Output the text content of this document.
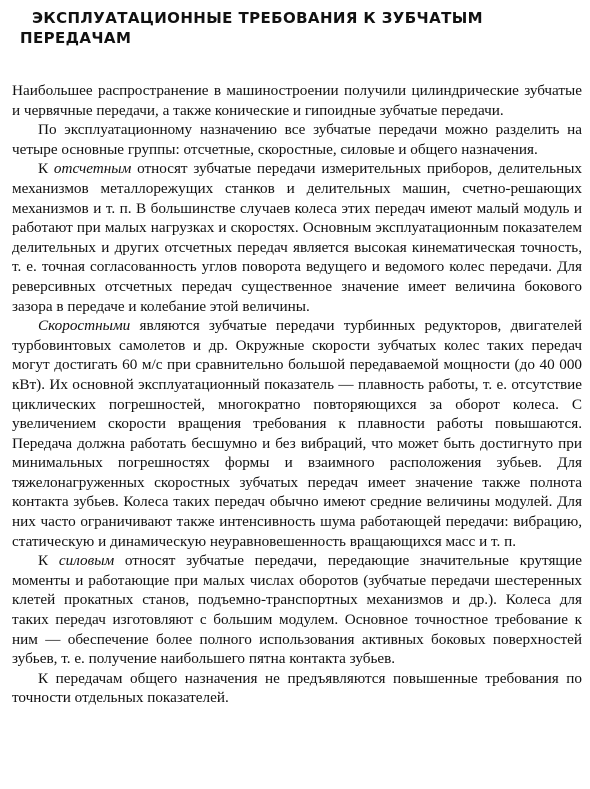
ЭКСПЛУАТАЦИОННЫЕ ТРЕБОВАНИЯ К ЗУБЧАТЫМ
ПЕРЕДАЧАМ

Наибольшее распространение в машиностроении получили цилиндрические зубчатые и червячные передачи, а также конические и гипоидные зубчатые передачи.

По эксплуатационному назначению все зубчатые передачи можно разделить на четыре основные группы: отсчетные, скоростные, силовые и общего назначения.

К отсчетным относят зубчатые передачи измерительных приборов, делительных механизмов металлорежущих станков и делительных машин, счетно-решающих механизмов и т. п. В большинстве случаев колеса этих передач имеют малый модуль и работают при малых нагрузках и скоростях. Основным эксплуатационным показателем делительных и других отсчетных передач является высокая кинематическая точность, т. е. точная согласованность углов поворота ведущего и ведомого колес передачи. Для реверсивных отсчетных передач существенное значение имеет величина бокового зазора в передаче и колебание этой величины.

Скоростными являются зубчатые передачи турбинных редукторов, двигателей турбовинтовых самолетов и др. Окружные скорости зубчатых колес таких передач могут достигать 60 м/с при сравнительно большой передаваемой мощности (до 40 000 кВт). Их основной эксплуатационный показатель — плавность работы, т. е. отсутствие циклических погрешностей, многократно повторяющихся за оборот колеса. С увеличением скорости вращения требования к плавности работы повышаются. Передача должна работать бесшумно и без вибраций, что может быть достигнуто при минимальных погрешностях формы и взаимного расположения зубьев. Для тяжелонагруженных скоростных зубчатых передач имеет значение также полнота контакта зубьев. Колеса таких передач обычно имеют средние величины модулей. Для них часто ограничивают также интенсивность шума работающей передачи: вибрацию, статическую и динамическую неуравновешенность вращающихся масс и т. п.

К силовым относят зубчатые передачи, передающие значительные крутящие моменты и работающие при малых числах оборотов (зубчатые передачи шестеренных клетей прокатных станов, подъемно-транспортных механизмов и др.). Колеса для таких передач изготовляют с большим модулем. Основное точностное требование к ним — обеспечение более полного использования активных боковых поверхностей зубьев, т. е. получение наибольшего пятна контакта зубьев.

К передачам общего назначения не предъявляются повышенные требования по точности отдельных показателей.
